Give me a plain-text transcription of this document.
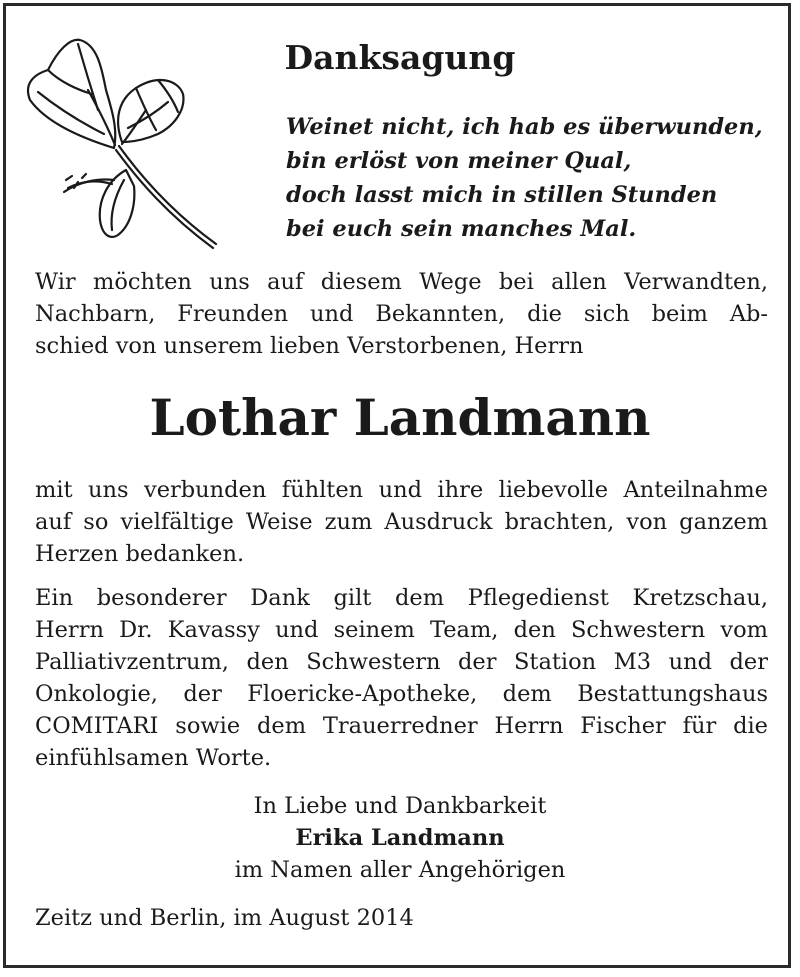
Danksagung
Weinet nicht, ich hab es überwunden,
bin erlöst von meiner Qual,
doch lasst mich in stillen Stunden
bei euch sein manches Mal.
Wir möchten uns auf diesem Wege bei allen Verwandten,
Nachbarn, Freunden und Bekannten, die sich beim Ab-
schied von unserem lieben Verstorbenen, Herrn
Lothar Landmann
mit uns verbunden fühlten und ihre liebevolle Anteilnahme
auf so vielfältige Weise zum Ausdruck brachten, von ganzem
Herzen bedanken.
Ein besonderer Dank gilt dem Pflegedienst Kretzschau,
Herrn Dr. Kavassy und seinem Team, den Schwestern vom
Palliativzentrum, den Schwestern der Station M3 und der
Onkologie, der Floericke-Apotheke, dem Bestattungshaus
COMITARI sowie dem Trauerredner Herrn Fischer für die
einfühlsamen Worte.
In Liebe und Dankbarkeit
Erika Landmann
im Namen aller Angehörigen
Zeitz und Berlin, im August 2014
